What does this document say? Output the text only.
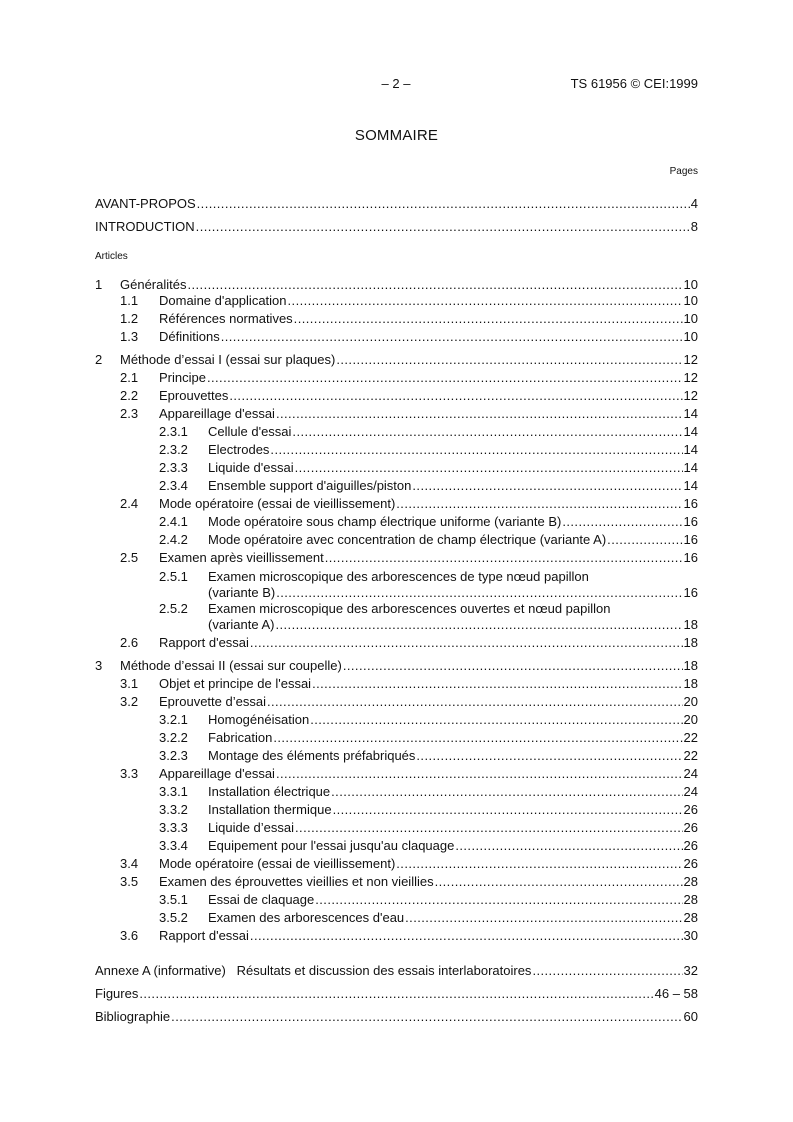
– 2 –	TS 61956 © CEI:1999
SOMMAIRE
Pages
Articles
AVANT-PROPOS . . .	4
INTRODUCTION . . .	8
1 Généralités . . .	10
1.1 Domaine d'application . . .	10
1.2 Références normatives . . .	10
1.3 Définitions . . .	10
2 Méthode d’essai I (essai sur plaques) . . .	12
2.1 Principe . . .	12
2.2 Eprouvettes . . .	12
2.3 Appareillage d'essai . . .	14
2.3.1 Cellule d'essai . . .	14
2.3.2 Electrodes . . .	14
2.3.3 Liquide d'essai . . .	14
2.3.4 Ensemble support d'aiguilles/piston . . .	14
2.4 Mode opératoire (essai de vieillissement) . . .	16
2.4.1 Mode opératoire sous champ électrique uniforme (variante B) . . .	16
2.4.2 Mode opératoire avec concentration de champ électrique (variante A) . . .	16
2.5 Examen après vieillissement . . .	16
2.5.1 Examen microscopique des arborescences de type nœud papillon
(variante B) . . .	16
2.5.2 Examen microscopique des arborescences ouvertes et nœud papillon
(variante A) . . .	18
2.6 Rapport d'essai . . .	18
3 Méthode d’essai II (essai sur coupelle) . . .	18
3.1 Objet et principe de l'essai . . .	18
3.2 Eprouvette d’essai . . .	20
3.2.1 Homogénéisation . . .	20
3.2.2 Fabrication . . .	22
3.2.3 Montage des éléments préfabriqués . . .	22
3.3 Appareillage d'essai . . .	24
3.3.1 Installation électrique . . .	24
3.3.2 Installation thermique . . .	26
3.3.3 Liquide d’essai . . .	26
3.3.4 Equipement pour l'essai jusqu'au claquage . . .	26
3.4 Mode opératoire (essai de vieillissement) . . .	26
3.5 Examen des éprouvettes vieillies et non vieillies . . .	28
3.5.1 Essai de claquage . . .	28
3.5.2 Examen des arborescences d'eau . . .	28
3.6 Rapport d'essai . . .	30
Annexe A (informative)   Résultats et discussion des essais interlaboratoires . . .	32
Figures . . .	46 – 58
Bibliographie . . .	60
